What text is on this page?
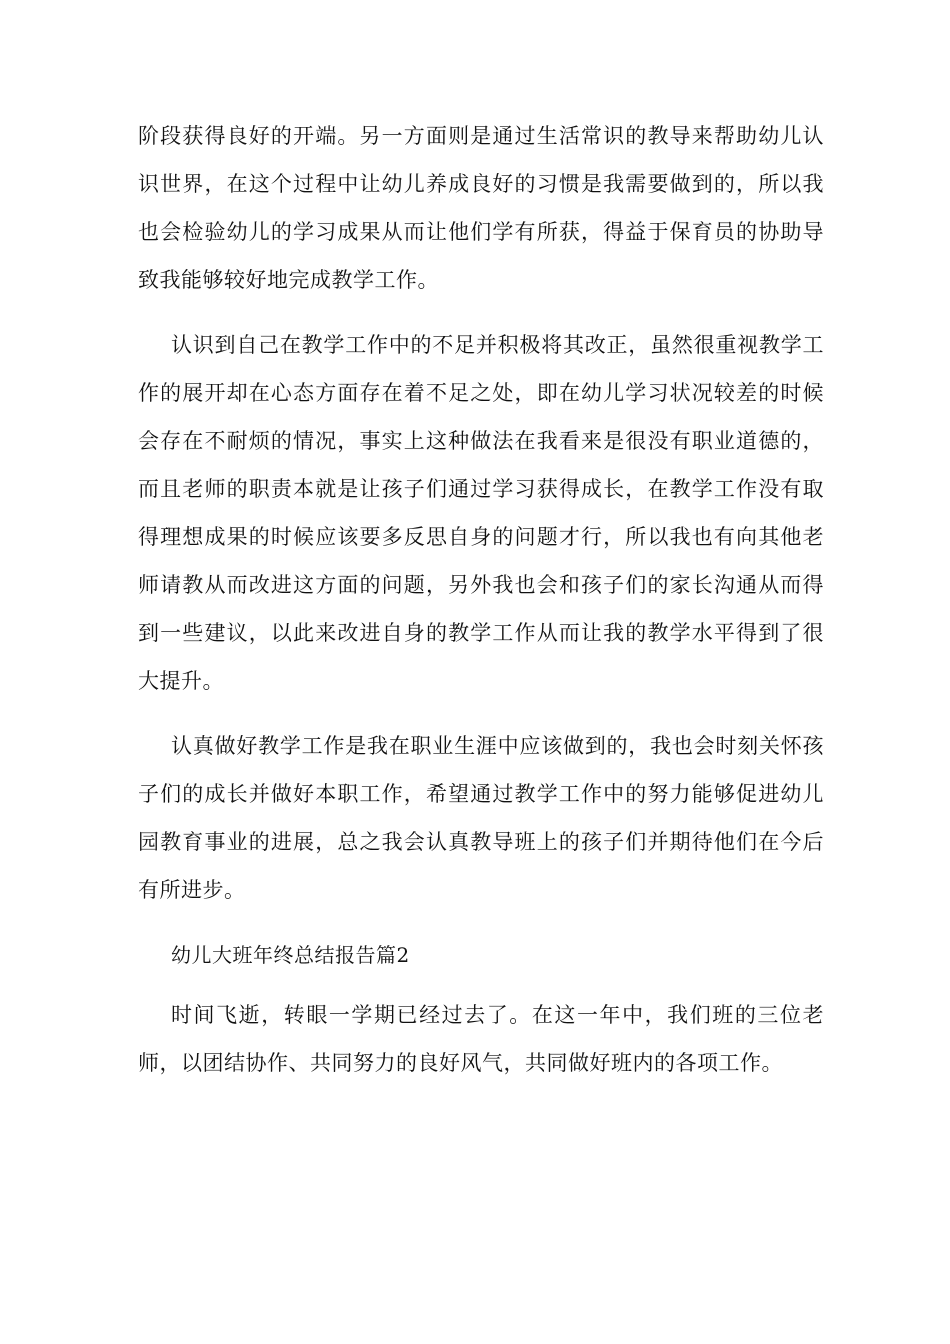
阶段获得良好的开端。另一方面则是通过生活常识的教导来帮助幼儿认识世界，在这个过程中让幼儿养成良好的习惯是我需要做到的，所以我也会检验幼儿的学习成果从而让他们学有所获，得益于保育员的协助导致我能够较好地完成教学工作。

认识到自己在教学工作中的不足并积极将其改正，虽然很重视教学工作的展开却在心态方面存在着不足之处，即在幼儿学习状况较差的时候会存在不耐烦的情况，事实上这种做法在我看来是很没有职业道德的，而且老师的职责本就是让孩子们通过学习获得成长，在教学工作没有取得理想成果的时候应该要多反思自身的问题才行，所以我也有向其他老师请教从而改进这方面的问题，另外我也会和孩子们的家长沟通从而得到一些建议，以此来改进自身的教学工作从而让我的教学水平得到了很大提升。

认真做好教学工作是我在职业生涯中应该做到的，我也会时刻关怀孩子们的成长并做好本职工作，希望通过教学工作中的努力能够促进幼儿园教育事业的进展，总之我会认真教导班上的孩子们并期待他们在今后有所进步。

幼儿大班年终总结报告篇2

时间飞逝，转眼一学期已经过去了。在这一年中，我们班的三位老师，以团结协作、共同努力的良好风气，共同做好班内的各项工作。
